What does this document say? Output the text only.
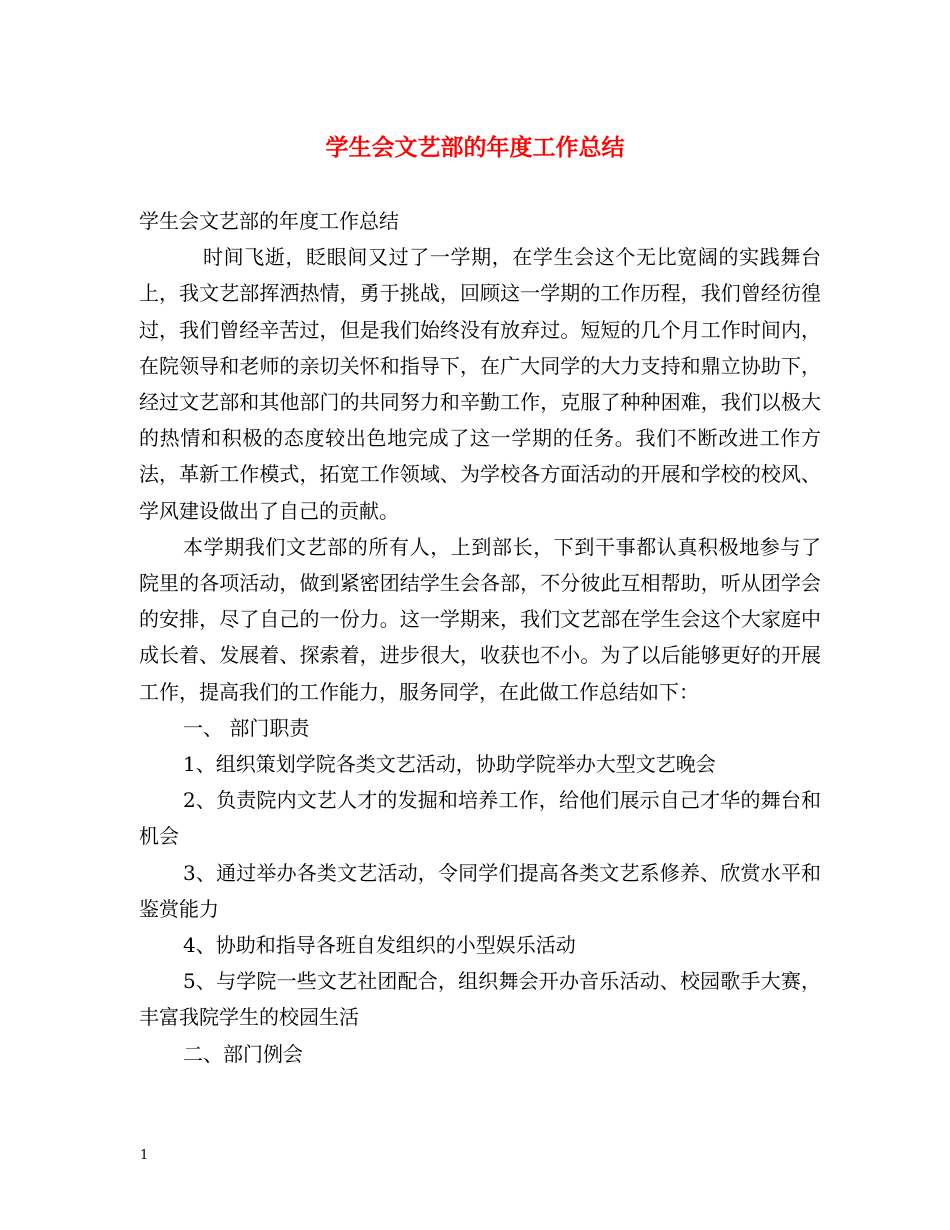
学生会文艺部的年度工作总结

学生会文艺部的年度工作总结

时间飞逝，眨眼间又过了一学期，在学生会这个无比宽阔的实践舞台上，我文艺部挥洒热情，勇于挑战，回顾这一学期的工作历程，我们曾经彷徨过，我们曾经辛苦过，但是我们始终没有放弃过。短短的几个月工作时间内，在院领导和老师的亲切关怀和指导下，在广大同学的大力支持和鼎立协助下，经过文艺部和其他部门的共同努力和辛勤工作，克服了种种困难，我们以极大的热情和积极的态度较出色地完成了这一学期的任务。我们不断改进工作方法，革新工作模式，拓宽工作领域、为学校各方面活动的开展和学校的校风、学风建设做出了自己的贡献。

本学期我们文艺部的所有人，上到部长，下到干事都认真积极地参与了院里的各项活动，做到紧密团结学生会各部，不分彼此互相帮助，听从团学会的安排，尽了自己的一份力。这一学期来，我们文艺部在学生会这个大家庭中成长着、发展着、探索着，进步很大，收获也不小。为了以后能够更好的开展工作，提高我们的工作能力，服务同学，在此做工作总结如下：

一、 部门职责

1、组织策划学院各类文艺活动，协助学院举办大型文艺晚会

2、负责院内文艺人才的发掘和培养工作，给他们展示自己才华的舞台和机会

3、通过举办各类文艺活动，令同学们提高各类文艺系修养、欣赏水平和鉴赏能力

4、协助和指导各班自发组织的小型娱乐活动

5、与学院一些文艺社团配合，组织舞会开办音乐活动、校园歌手大赛，丰富我院学生的校园生活

二、部门例会

1
